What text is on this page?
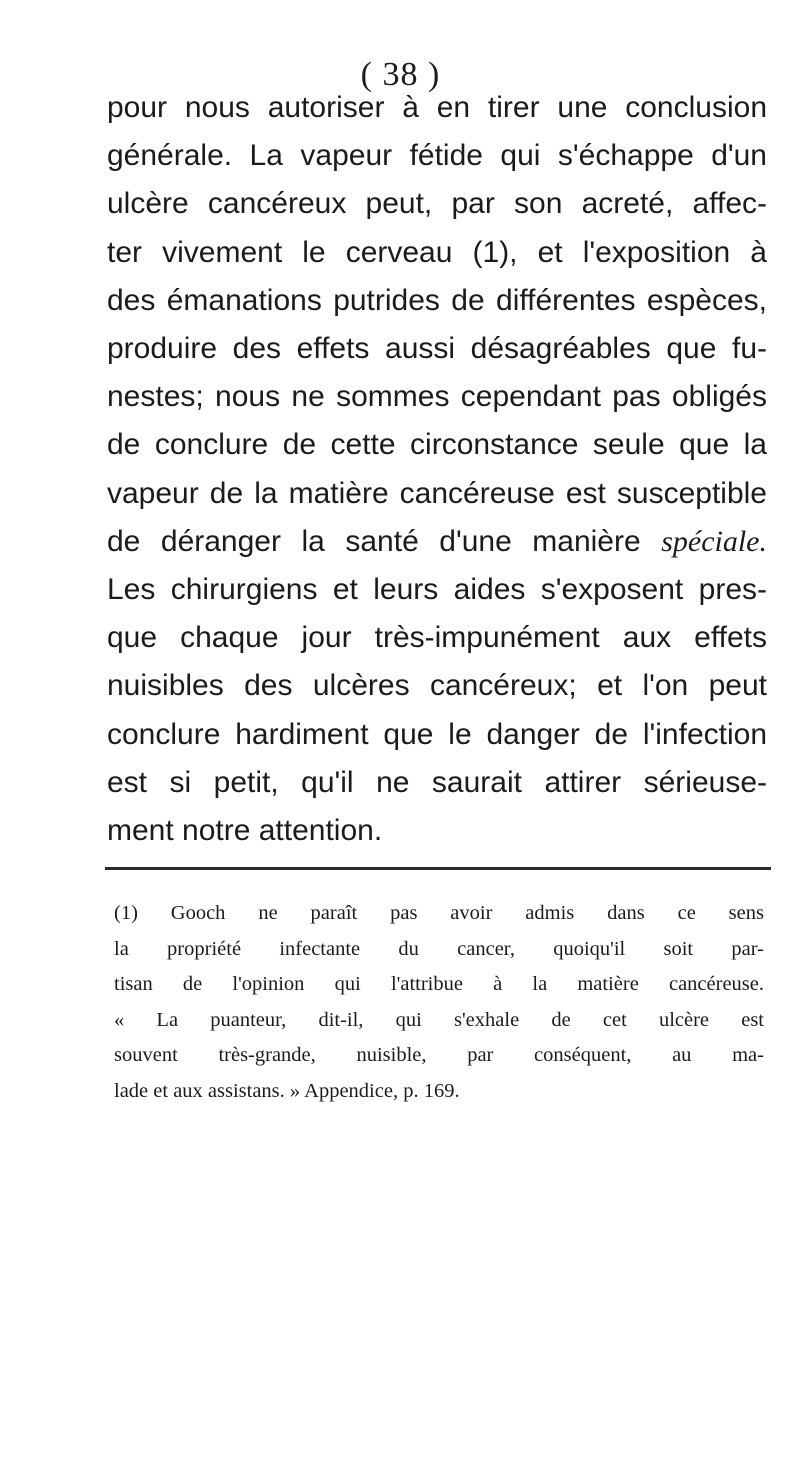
( 38 )
pour nous autoriser à en tirer une conclusion
générale. La vapeur fétide qui s'échappe d'un
ulcère cancéreux peut, par son acreté, affec-
ter vivement le cerveau (1), et l'exposition à
des émanations putrides de différentes espèces,
produire des effets aussi désagréables que fu-
nestes; nous ne sommes cependant pas obligés
de conclure de cette circonstance seule que la
vapeur de la matière cancéreuse est susceptible
de déranger la santé d'une manière spéciale.
Les chirurgiens et leurs aides s'exposent pres-
que chaque jour très-impunément aux effets
nuisibles des ulcères cancéreux; et l'on peut
conclure hardiment que le danger de l'infection
est si petit, qu'il ne saurait attirer sérieuse-
ment notre attention.
(1) Gooch ne paraît pas avoir admis dans ce sens
la propriété infectante du cancer, quoiqu'il soit par-
tisan de l'opinion qui l'attribue à la matière cancéreuse.
« La puanteur, dit-il, qui s'exhale de cet ulcère est
souvent très-grande, nuisible, par conséquent, au ma-
lade et aux assistans. » Appendice, p. 169.
